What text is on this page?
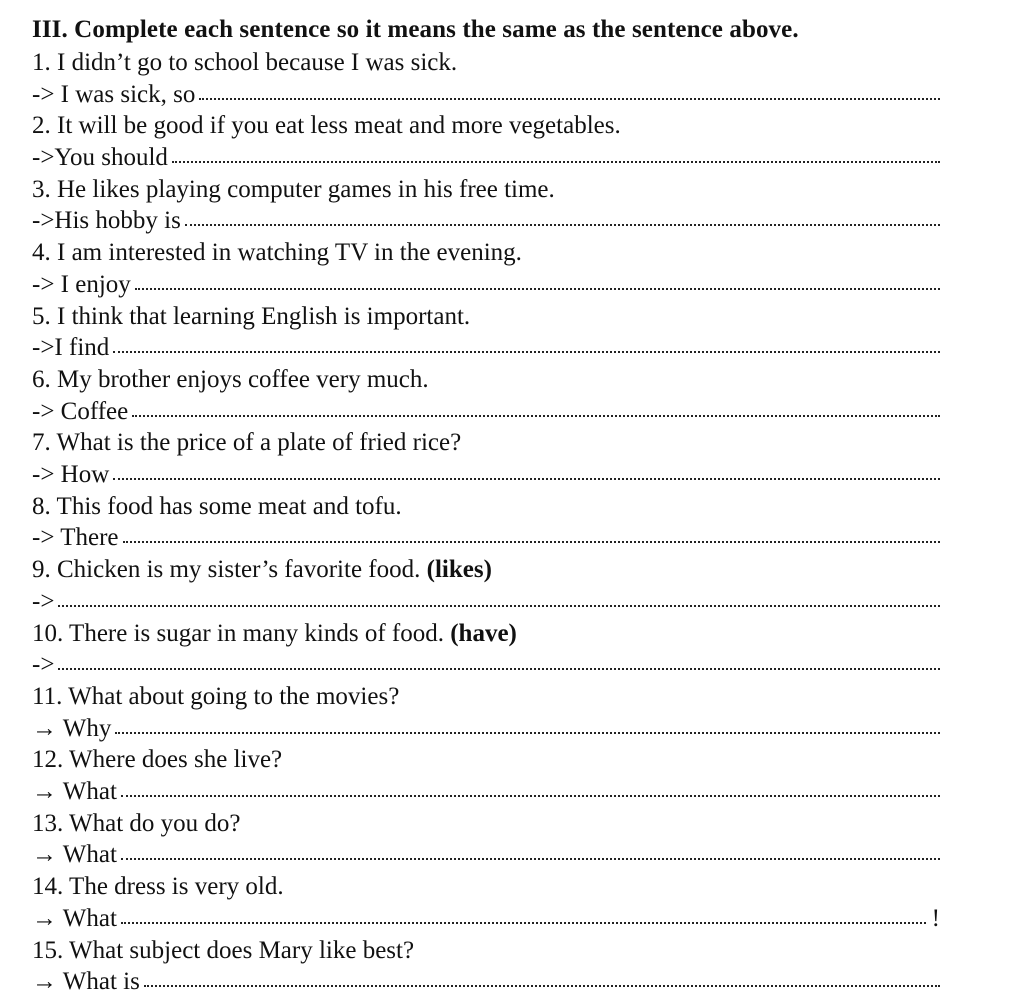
III. Complete each sentence so it means the same as the sentence above.
1. I didn’t go to school because I was sick.
-> I was sick, so
2. It will be good if you eat less meat and more vegetables.
->You should
3. He likes playing computer games in his free time.
->His hobby is
4. I am interested in watching TV in the evening.
-> I enjoy
5. I think that learning English is important.
->I find
6. My brother enjoys coffee very much.
-> Coffee
7. What is the price of a plate of fried rice?
-> How
8. This food has some meat and tofu.
-> There
9. Chicken is my sister’s favorite food. (likes)
->
10. There is sugar in many kinds of food. (have)
->
11. What about going to the movies?
→ Why
12. Where does she live?
→ What
13. What do you do?
→ What
14. The dress is very old.
→ What	!
15. What subject does Mary like best?
→ What is
